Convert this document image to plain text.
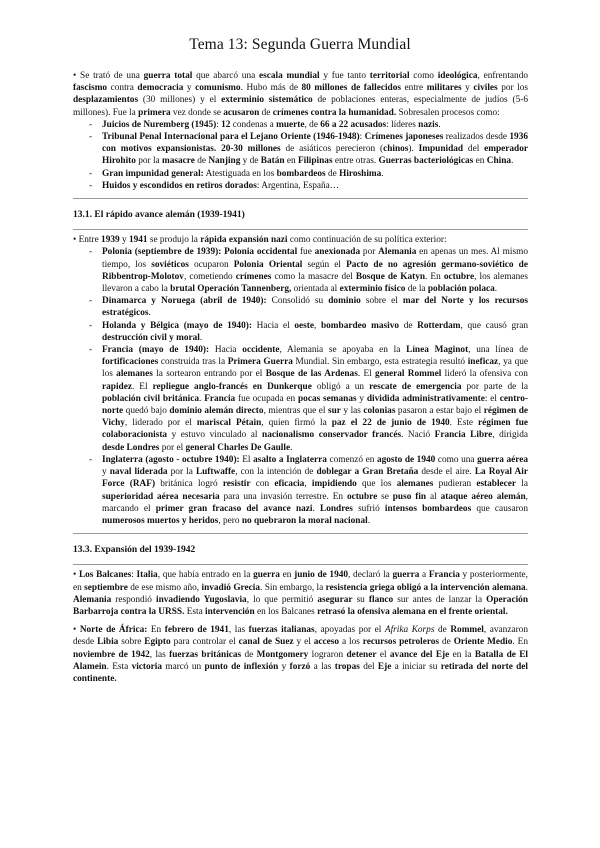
Tema 13: Segunda Guerra Mundial

• Se trató de una guerra total que abarcó una escala mundial y fue tanto territorial como ideológica, enfrentando fascismo contra democracia y comunismo. Hubo más de 80 millones de fallecidos entre militares y civiles por los desplazamientos (30 millones) y el exterminio sistemático de poblaciones enteras, especialmente de judíos (5-6 millones). Fue la primera vez donde se acusaron de crímenes contra la humanidad. Sobresalen procesos como:

- Juicios de Nuremberg (1945): 12 condenas a muerte, de 66 a 22 acusados: líderes nazis.
- Tribunal Penal Internacional para el Lejano Oriente (1946-1948): Crímenes japoneses realizados desde 1936 con motivos expansionistas. 20-30 millones de asiáticos perecieron (chinos). Impunidad del emperador Hirohito por la masacre de Nanjing y de Batán en Filipinas entre otras. Guerras bacteriológicas en China.
- Gran impunidad general: Atestiguada en los bombardeos de Hiroshima.
- Huidos y escondidos en retiros dorados: Argentina, España…

13.1. El rápido avance alemán (1939-1941)

• Entre 1939 y 1941 se produjo la rápida expansión nazi como continuación de su política exterior:

- Polonia (septiembre de 1939): Polonia occidental fue anexionada por Alemania en apenas un mes. Al mismo tiempo, los soviéticos ocuparon Polonia Oriental según el Pacto de no agresión germano-soviético de Ribbentrop-Molotov, cometiendo crímenes como la masacre del Bosque de Katyn. En octubre, los alemanes llevaron a cabo la brutal Operación Tannenberg, orientada al exterminio físico de la población polaca.
- Dinamarca y Noruega (abril de 1940): Consolidó su dominio sobre el mar del Norte y los recursos estratégicos.
- Holanda y Bélgica (mayo de 1940): Hacia el oeste, bombardeo masivo de Rotterdam, que causó gran destrucción civil y moral.
- Francia (mayo de 1940): Hacia occidente, Alemania se apoyaba en la Línea Maginot, una línea de fortificaciones construida tras la Primera Guerra Mundial. Sin embargo, esta estrategia resultó ineficaz, ya que los alemanes la sortearon entrando por el Bosque de las Ardenas. El general Rommel lideró la ofensiva con rapidez. El repliegue anglo-francés en Dunkerque obligó a un rescate de emergencia por parte de la población civil británica. Francia fue ocupada en pocas semanas y dividida administrativamente: el centro-norte quedó bajo dominio alemán directo, mientras que el sur y las colonias pasaron a estar bajo el régimen de Vichy, liderado por el mariscal Pétain, quien firmó la paz el 22 de junio de 1940. Este régimen fue colaboracionista y estuvo vinculado al nacionalismo conservador francés. Nació Francia Libre, dirigida desde Londres por el general Charles De Gaulle.
- Inglaterra (agosto - octubre 1940): El asalto a Inglaterra comenzó en agosto de 1940 como una guerra aérea y naval liderada por la Luftwaffe, con la intención de doblegar a Gran Bretaña desde el aire. La Royal Air Force (RAF) británica logró resistir con eficacia, impidiendo que los alemanes pudieran establecer la superioridad aérea necesaria para una invasión terrestre. En octubre se puso fin al ataque aéreo alemán, marcando el primer gran fracaso del avance nazi. Londres sufrió intensos bombardeos que causaron numerosos muertos y heridos, pero no quebraron la moral nacional.

13.3. Expansión del 1939-1942

• Los Balcanes: Italia, que había entrado en la guerra en junio de 1940, declaró la guerra a Francia y posteriormente, en septiembre de ese mismo año, invadió Grecia. Sin embargo, la resistencia griega obligó a la intervención alemana. Alemania respondió invadiendo Yugoslavia, lo que permitió asegurar su flanco sur antes de lanzar la Operación Barbarroja contra la URSS. Esta intervención en los Balcanes retrasó la ofensiva alemana en el frente oriental.

• Norte de África: En febrero de 1941, las fuerzas italianas, apoyadas por el Afrika Korps de Rommel, avanzaron desde Libia sobre Egipto para controlar el canal de Suez y el acceso a los recursos petroleros de Oriente Medio. En noviembre de 1942, las fuerzas británicas de Montgomery lograron detener el avance del Eje en la Batalla de El Alamein. Esta victoria marcó un punto de inflexión y forzó a las tropas del Eje a iniciar su retirada del norte del continente.
